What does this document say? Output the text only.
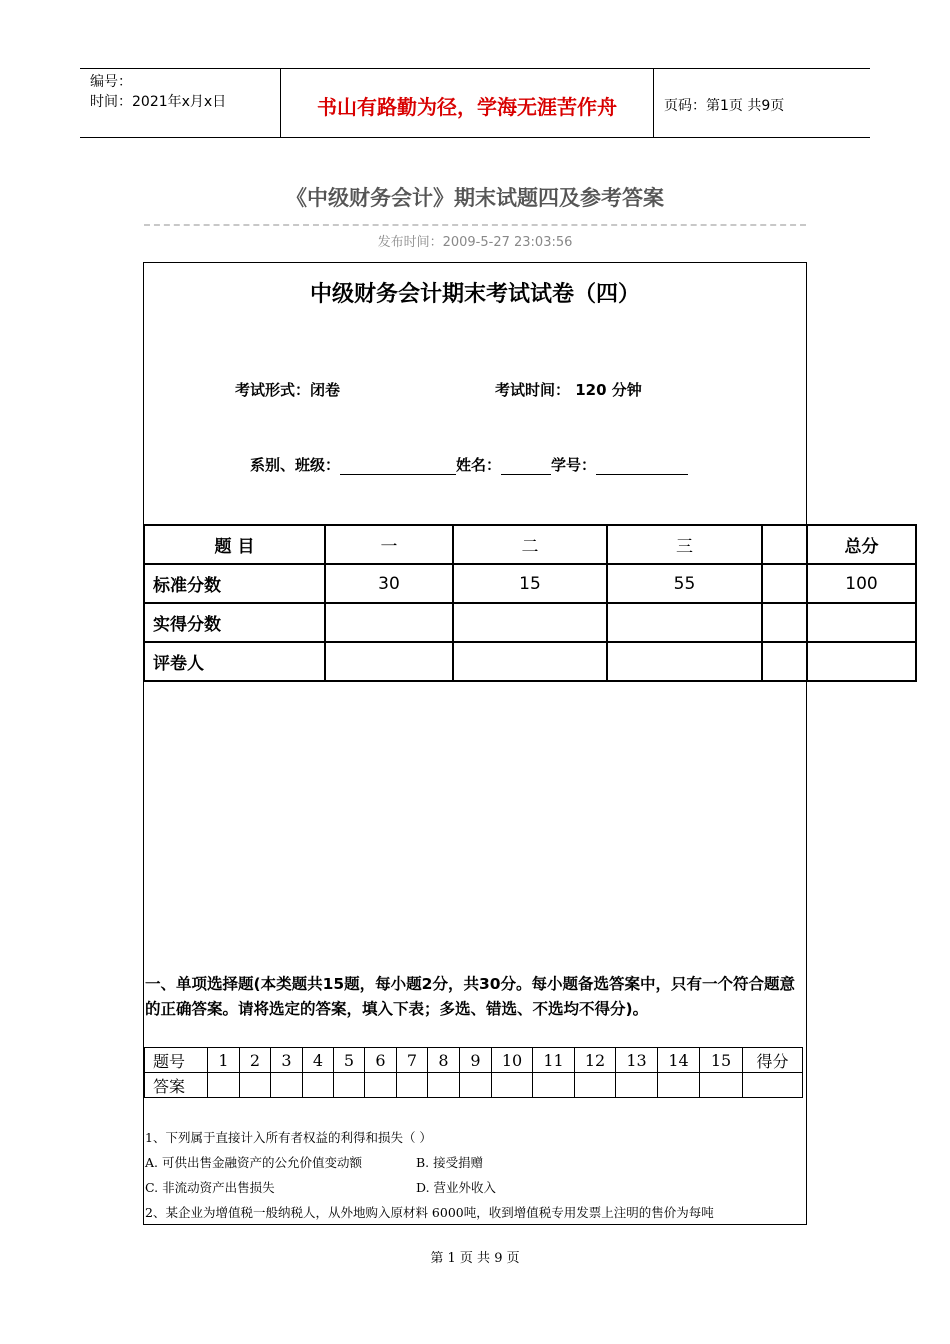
编号：
时间：2021年x月x日	书山有路勤为径，学海无涯苦作舟	页码：第1页 共9页
《中级财务会计》期末试题四及参考答案
发布时间：2009-5-27 23:03:56
中级财务会计期末考试试卷（四）
考试形式：闭卷	考试时间： 120 分钟
系别、班级：	姓名：	学号：
题 目	一	二	三		总分
标准分数	30	15	55		100
实得分数					
评卷人					
一、单项选择题(本类题共15题，每小题2分，共30分。每小题备选答案中，只有一个符合题意的正确答案。请将选定的答案，填入下表；多选、错选、不选均不得分)。
题号	1	2	3	4	5	6	7	8	9	10	11	12	13	14	15	得分
答案																
1、下列属于直接计入所有者权益的利得和损失（ ）
A. 可供出售金融资产的公允价值变动额	B. 接受捐赠
C. 非流动资产出售损失	D. 营业外收入
2、某企业为增值税一般纳税人，从外地购入原材料 6000吨，收到增值税专用发票上注明的售价为每吨
第 1 页 共 9 页
